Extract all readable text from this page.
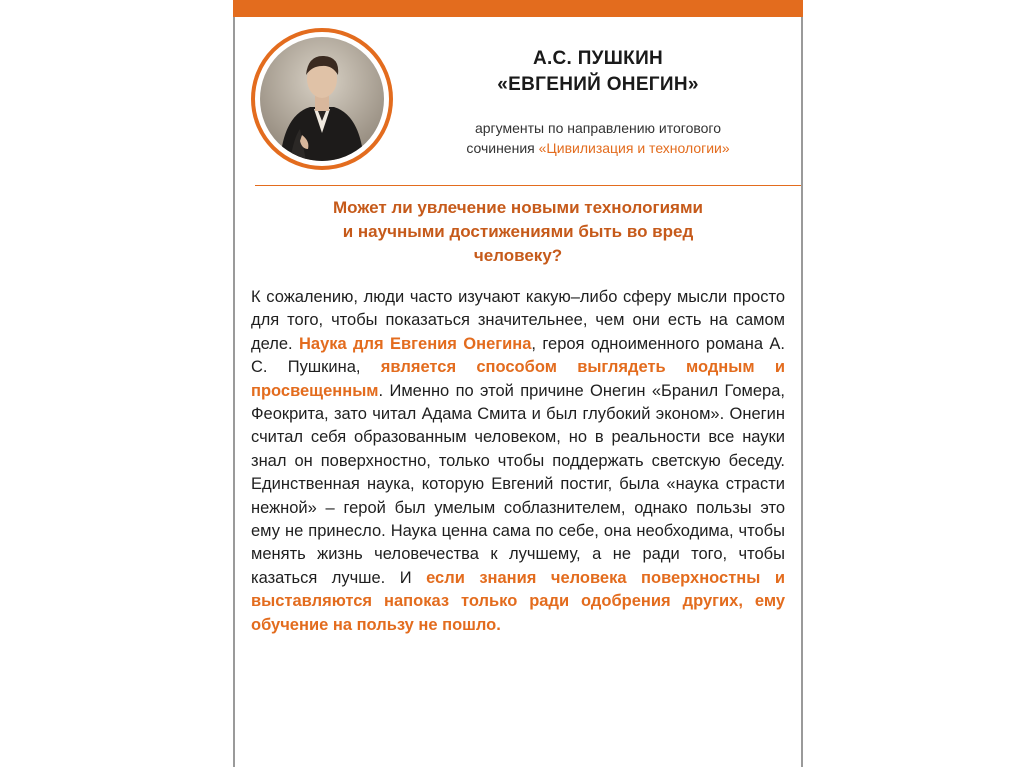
А.С. ПУШКИН
«ЕВГЕНИЙ ОНЕГИН»

аргументы по направлению итогового
сочинения «Цивилизация и технологии»

Может ли увлечение новыми технологиями
и научными достижениями быть во вред
человеку?

К сожалению, люди часто изучают какую–либо сферу мысли просто для того, чтобы показаться значительнее, чем они есть на самом деле. Наука для Евгения Онегина, героя одноименного романа А. С. Пушкина, является способом выглядеть модным и просвещенным. Именно по этой причине Онегин «Бранил Гомера, Феокрита, зато читал Адама Смита и был глубокий эконом». Онегин считал себя образованным человеком, но в реальности все науки знал он поверхностно, только чтобы поддержать светскую беседу. Единственная наука, которую Евгений постиг, была «наука страсти нежной» – герой был умелым соблазнителем, однако пользы это ему не принесло. Наука ценна сама по себе, она необходима, чтобы менять жизнь человечества к лучшему, а не ради того, чтобы казаться лучше. И если знания человека поверхностны и выставляются напоказ только ради одобрения других, ему обучение на пользу не пошло.
